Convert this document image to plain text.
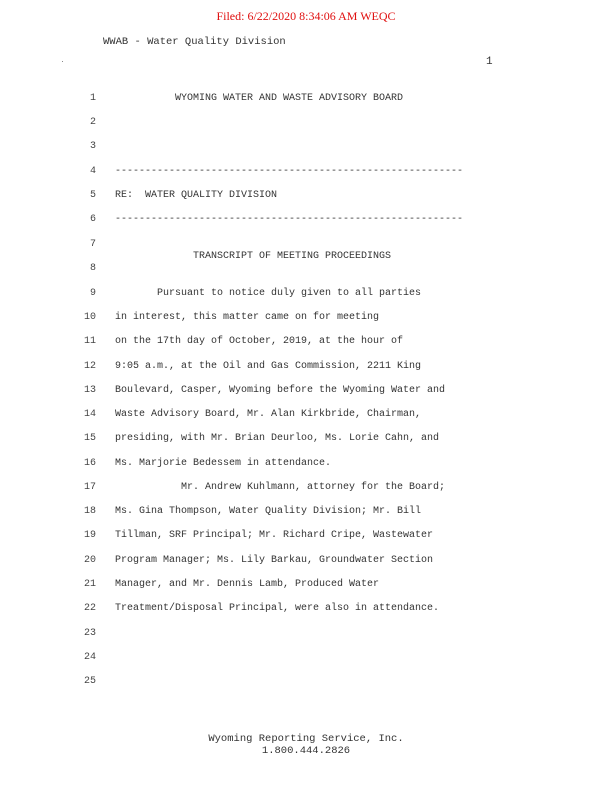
Filed: 6/22/2020 8:34:06 AM WEQC
WWAB - Water Quality Division
1
1 WYOMING WATER AND WASTE ADVISORY BOARD
2
3
4 ----------------------------------------------------------
5 RE:  WATER QUALITY DIVISION
6 ----------------------------------------------------------
7
TRANSCRIPT OF MEETING PROCEEDINGS
8
9 Pursuant to notice duly given to all parties
10 in interest, this matter came on for meeting
11 on the 17th day of October, 2019, at the hour of
12 9:05 a.m., at the Oil and Gas Commission, 2211 King
13 Boulevard, Casper, Wyoming before the Wyoming Water and
14 Waste Advisory Board, Mr. Alan Kirkbride, Chairman,
15 presiding, with Mr. Brian Deurloo, Ms. Lorie Cahn, and
16 Ms. Marjorie Bedessem in attendance.
17 Mr. Andrew Kuhlmann, attorney for the Board;
18 Ms. Gina Thompson, Water Quality Division; Mr. Bill
19 Tillman, SRF Principal; Mr. Richard Cripe, Wastewater
20 Program Manager; Ms. Lily Barkau, Groundwater Section
21 Manager, and Mr. Dennis Lamb, Produced Water
22 Treatment/Disposal Principal, were also in attendance.
23
24
25
Wyoming Reporting Service, Inc.
1.800.444.2826
